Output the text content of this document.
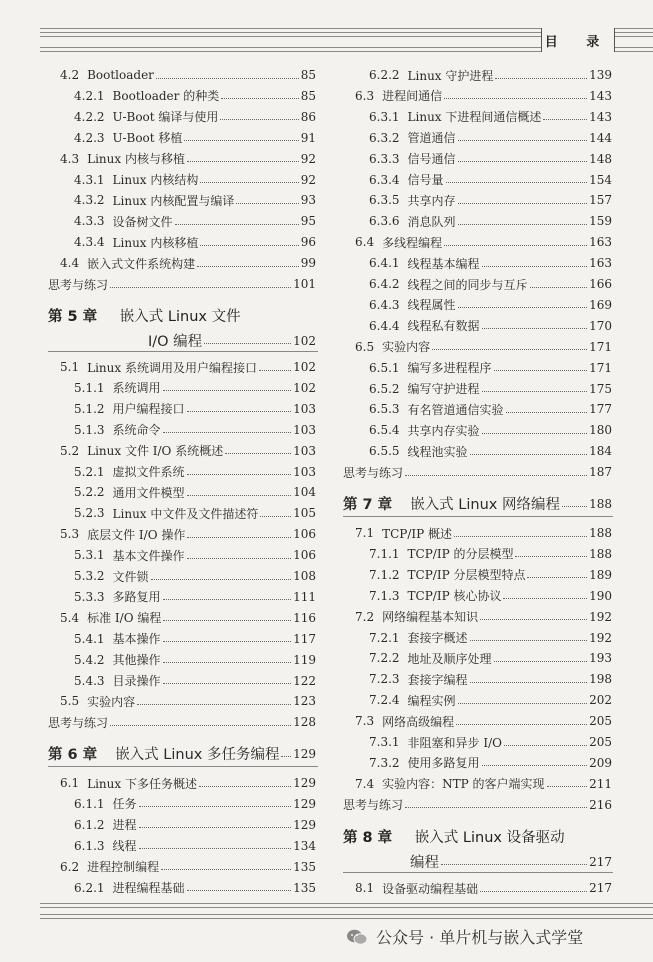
目 录
4.2 Bootloader	85
4.2.1 Bootloader 的种类	85
4.2.2 U-Boot 编译与使用	86
4.2.3 U-Boot 移植	91
4.3 Linux 内核与移植	92
4.3.1 Linux 内核结构	92
4.3.2 Linux 内核配置与编译	93
4.3.3 设备树文件	95
4.3.4 Linux 内核移植	96
4.4 嵌入式文件系统构建	99
思考与练习	101
第 5 章 嵌入式 Linux 文件
I/O 编程	102
5.1 Linux 系统调用及用户编程接口	102
5.1.1 系统调用	102
5.1.2 用户编程接口	103
5.1.3 系统命令	103
5.2 Linux 文件 I/O 系统概述	103
5.2.1 虚拟文件系统	103
5.2.2 通用文件模型	104
5.2.3 Linux 中文件及文件描述符	105
5.3 底层文件 I/O 操作	106
5.3.1 基本文件操作	106
5.3.2 文件锁	108
5.3.3 多路复用	111
5.4 标准 I/O 编程	116
5.4.1 基本操作	117
5.4.2 其他操作	119
5.4.3 目录操作	122
5.5 实验内容	123
思考与练习	128
第 6 章 嵌入式 Linux 多任务编程 129
6.1 Linux 下多任务概述	129
6.1.1 任务	129
6.1.2 进程	129
6.1.3 线程	134
6.2 进程控制编程	135
6.2.1 进程编程基础	135
6.2.2 Linux 守护进程	139
6.3 进程间通信	143
6.3.1 Linux 下进程间通信概述	143
6.3.2 管道通信	144
6.3.3 信号通信	148
6.3.4 信号量	154
6.3.5 共享内存	157
6.3.6 消息队列	159
6.4 多线程编程	163
6.4.1 线程基本编程	163
6.4.2 线程之间的同步与互斥	166
6.4.3 线程属性	169
6.4.4 线程私有数据	170
6.5 实验内容	171
6.5.1 编写多进程程序	171
6.5.2 编写守护进程	175
6.5.3 有名管道通信实验	177
6.5.4 共享内存实验	180
6.5.5 线程池实验	184
思考与练习	187
第 7 章 嵌入式 Linux 网络编程 188
7.1 TCP/IP 概述	188
7.1.1 TCP/IP 的分层模型	188
7.1.2 TCP/IP 分层模型特点	189
7.1.3 TCP/IP 核心协议	190
7.2 网络编程基本知识	192
7.2.1 套接字概述	192
7.2.2 地址及顺序处理	193
7.2.3 套接字编程	198
7.2.4 编程实例	202
7.3 网络高级编程	205
7.3.1 非阻塞和异步 I/O	205
7.3.2 使用多路复用	209
7.4 实验内容：NTP 的客户端实现	211
思考与练习	216
第 8 章 嵌入式 Linux 设备驱动
编程	217
8.1 设备驱动编程基础	217
公众号 · 单片机与嵌入式学堂
